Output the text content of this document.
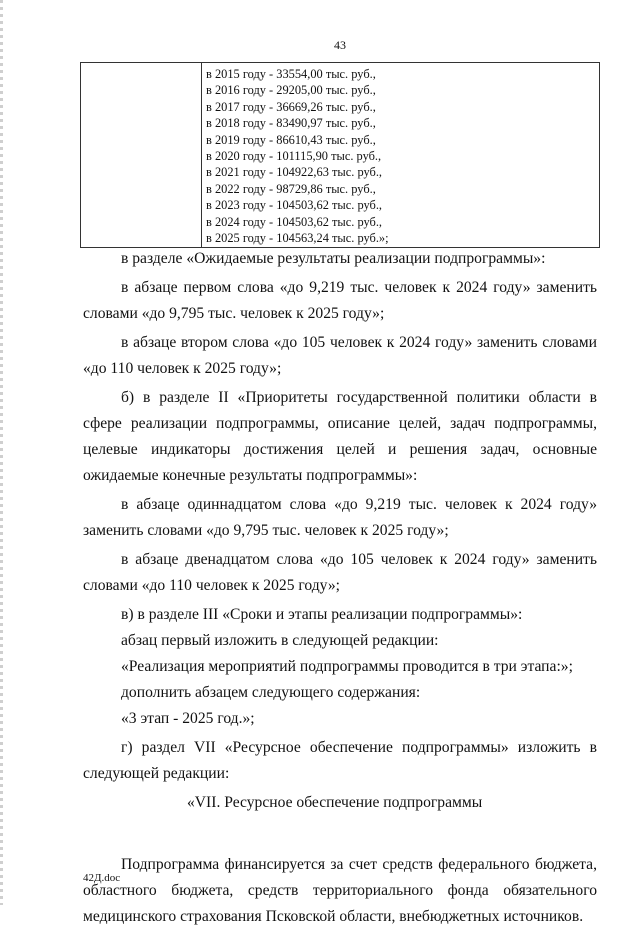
43
в 2015 году - 33554,00 тыс. руб.,
в 2016 году - 29205,00 тыс. руб.,
в 2017 году - 36669,26 тыс. руб.,
в 2018 году - 83490,97 тыс. руб.,
в 2019 году - 86610,43 тыс. руб.,
в 2020 году - 101115,90 тыс. руб.,
в 2021 году - 104922,63 тыс. руб.,
в 2022 году - 98729,86 тыс. руб.,
в 2023 году - 104503,62 тыс. руб.,
в 2024 году - 104503,62 тыс. руб.,
в 2025 году - 104563,24 тыс. руб.»;

в разделе «Ожидаемые результаты реализации подпрограммы»:

в абзаце первом слова «до 9,219 тыс. человек к 2024 году» заменить словами «до 9,795 тыс. человек к 2025 году»;

в абзаце втором слова «до 105 человек к 2024 году» заменить словами «до 110 человек к 2025 году»;

б) в разделе II «Приоритеты государственной политики области в сфере реализации подпрограммы, описание целей, задач подпрограммы, целевые индикаторы достижения целей и решения задач, основные ожидаемые конечные результаты подпрограммы»:

в абзаце одиннадцатом слова «до 9,219 тыс. человек к 2024 году» заменить словами «до 9,795 тыс. человек к 2025 году»;

в абзаце двенадцатом слова «до 105 человек к 2024 году» заменить словами «до 110 человек к 2025 году»;

в) в разделе III «Сроки и этапы реализации подпрограммы»:

абзац первый изложить в следующей редакции:

«Реализация мероприятий подпрограммы проводится в три этапа:»;

дополнить абзацем следующего содержания:

«3 этап - 2025 год.»;

г) раздел VII «Ресурсное обеспечение подпрограммы» изложить в следующей редакции:

«VII. Ресурсное обеспечение подпрограммы

Подпрограмма финансируется за счет средств федерального бюджета, областного бюджета, средств территориального фонда обязательного медицинского страхования Псковской области, внебюджетных источников.

42Д.doc
